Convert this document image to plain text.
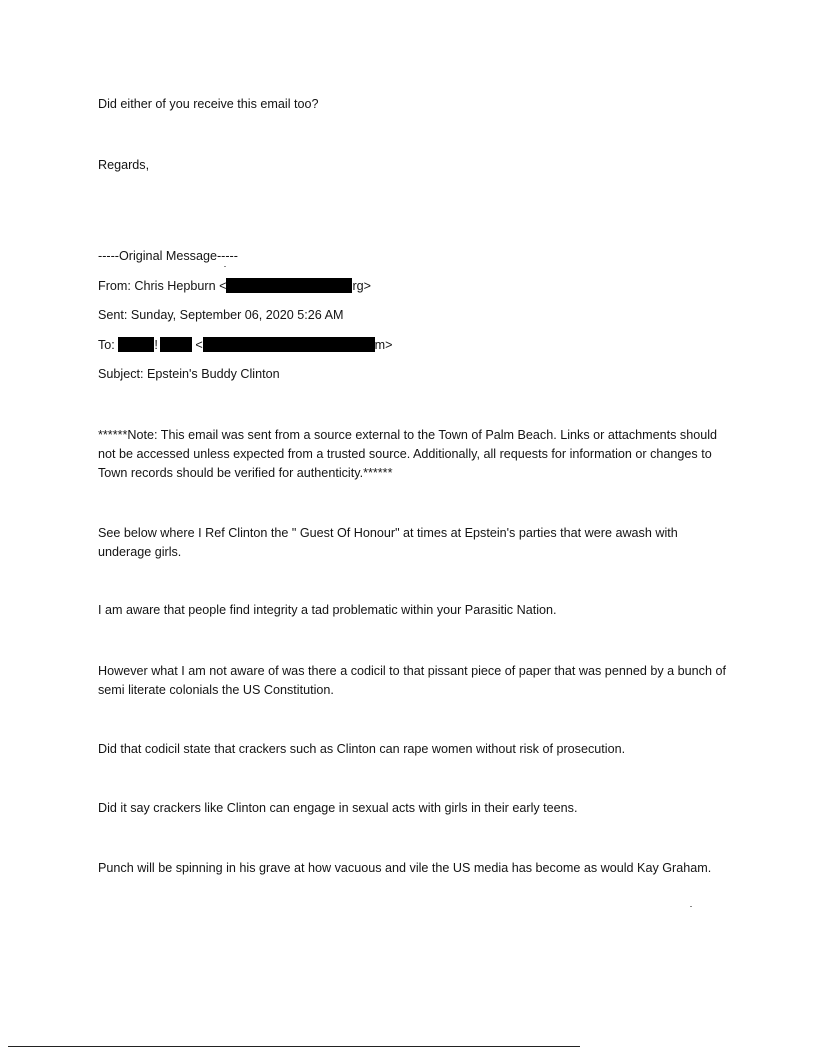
Did either of you receive this email too?
Regards,
-----Original Message-----
From: Chris Hepburn <	rg>
Sent: Sunday, September 06, 2020 5:26 AM
To:	!	<	m>
Subject: Epstein's Buddy Clinton
******Note: This email was sent from a source external to the Town of Palm Beach. Links or attachments should not be accessed unless expected from a trusted source. Additionally, all requests for information or changes to Town records should be verified for authenticity.******
See below where I Ref Clinton the " Guest Of Honour" at times at Epstein's parties that were awash with underage girls.
I am aware that people find integrity a tad problematic within your Parasitic Nation.
However what I am not aware of was there a codicil to that pissant piece of paper that was penned by a bunch of semi literate colonials the US Constitution.
Did that codicil state that crackers such as Clinton can rape women without risk of prosecution.
Did it say crackers like Clinton can engage in sexual acts with girls in their early teens.
Punch will be spinning in his grave at how vacuous and vile the US media has become as would Kay Graham.
